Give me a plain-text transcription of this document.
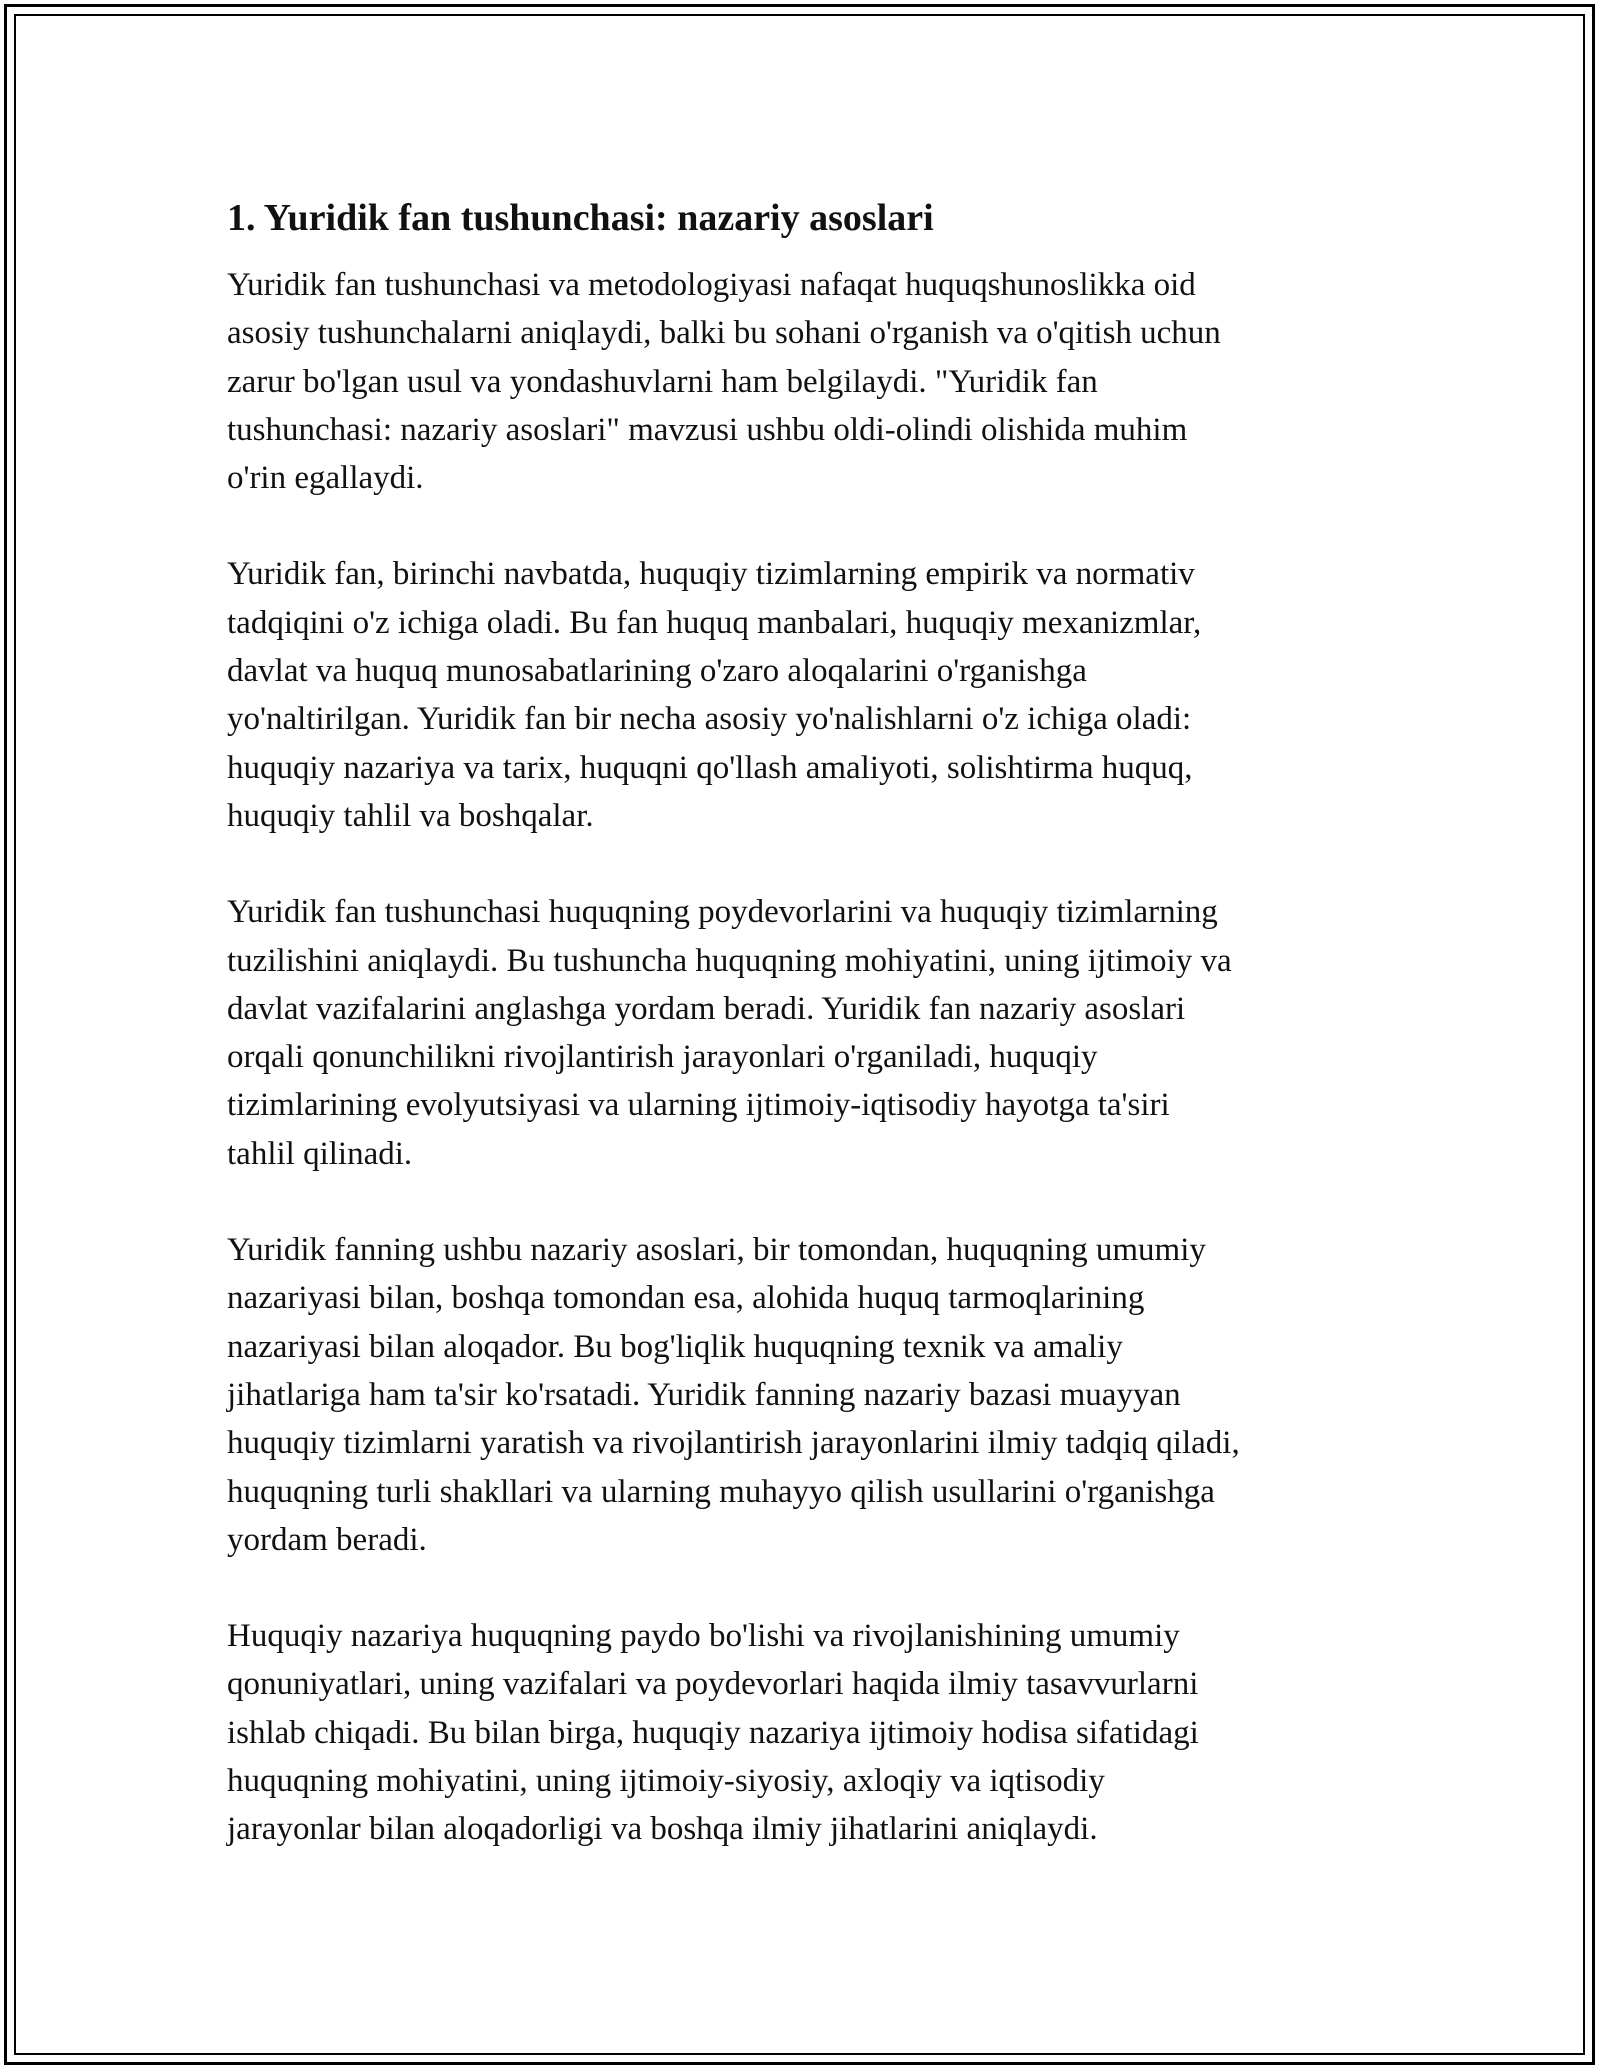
1. Yuridik fan tushunchasi: nazariy asoslari
Yuridik fan tushunchasi va metodologiyasi nafaqat huquqshunoslikka oid
asosiy tushunchalarni aniqlaydi, balki bu sohani o'rganish va o'qitish uchun
zarur bo'lgan usul va yondashuvlarni ham belgilaydi. "Yuridik fan
tushunchasi: nazariy asoslari" mavzusi ushbu oldi-olindi olishida muhim
o'rin egallaydi.
Yuridik fan, birinchi navbatda, huquqiy tizimlarning empirik va normativ
tadqiqini o'z ichiga oladi. Bu fan huquq manbalari, huquqiy mexanizmlar,
davlat va huquq munosabatlarining o'zaro aloqalarini o'rganishga
yo'naltirilgan. Yuridik fan bir necha asosiy yo'nalishlarni o'z ichiga oladi:
huquqiy nazariya va tarix, huquqni qo'llash amaliyoti, solishtirma huquq,
huquqiy tahlil va boshqalar.
Yuridik fan tushunchasi huquqning poydevorlarini va huquqiy tizimlarning
tuzilishini aniqlaydi. Bu tushuncha huquqning mohiyatini, uning ijtimoiy va
davlat vazifalarini anglashga yordam beradi. Yuridik fan nazariy asoslari
orqali qonunchilikni rivojlantirish jarayonlari o'rganiladi, huquqiy
tizimlarining evolyutsiyasi va ularning ijtimoiy-iqtisodiy hayotga ta'siri
tahlil qilinadi.
Yuridik fanning ushbu nazariy asoslari, bir tomondan, huquqning umumiy
nazariyasi bilan, boshqa tomondan esa, alohida huquq tarmoqlarining
nazariyasi bilan aloqador. Bu bog'liqlik huquqning texnik va amaliy
jihatlariga ham ta'sir ko'rsatadi. Yuridik fanning nazariy bazasi muayyan
huquqiy tizimlarni yaratish va rivojlantirish jarayonlarini ilmiy tadqiq qiladi,
huquqning turli shakllari va ularning muhayyo qilish usullarini o'rganishga
yordam beradi.
Huquqiy nazariya huquqning paydo bo'lishi va rivojlanishining umumiy
qonuniyatlari, uning vazifalari va poydevorlari haqida ilmiy tasavvurlarni
ishlab chiqadi. Bu bilan birga, huquqiy nazariya ijtimoiy hodisa sifatidagi
huquqning mohiyatini, uning ijtimoiy-siyosiy, axloqiy va iqtisodiy
jarayonlar bilan aloqadorligi va boshqa ilmiy jihatlarini aniqlaydi.
